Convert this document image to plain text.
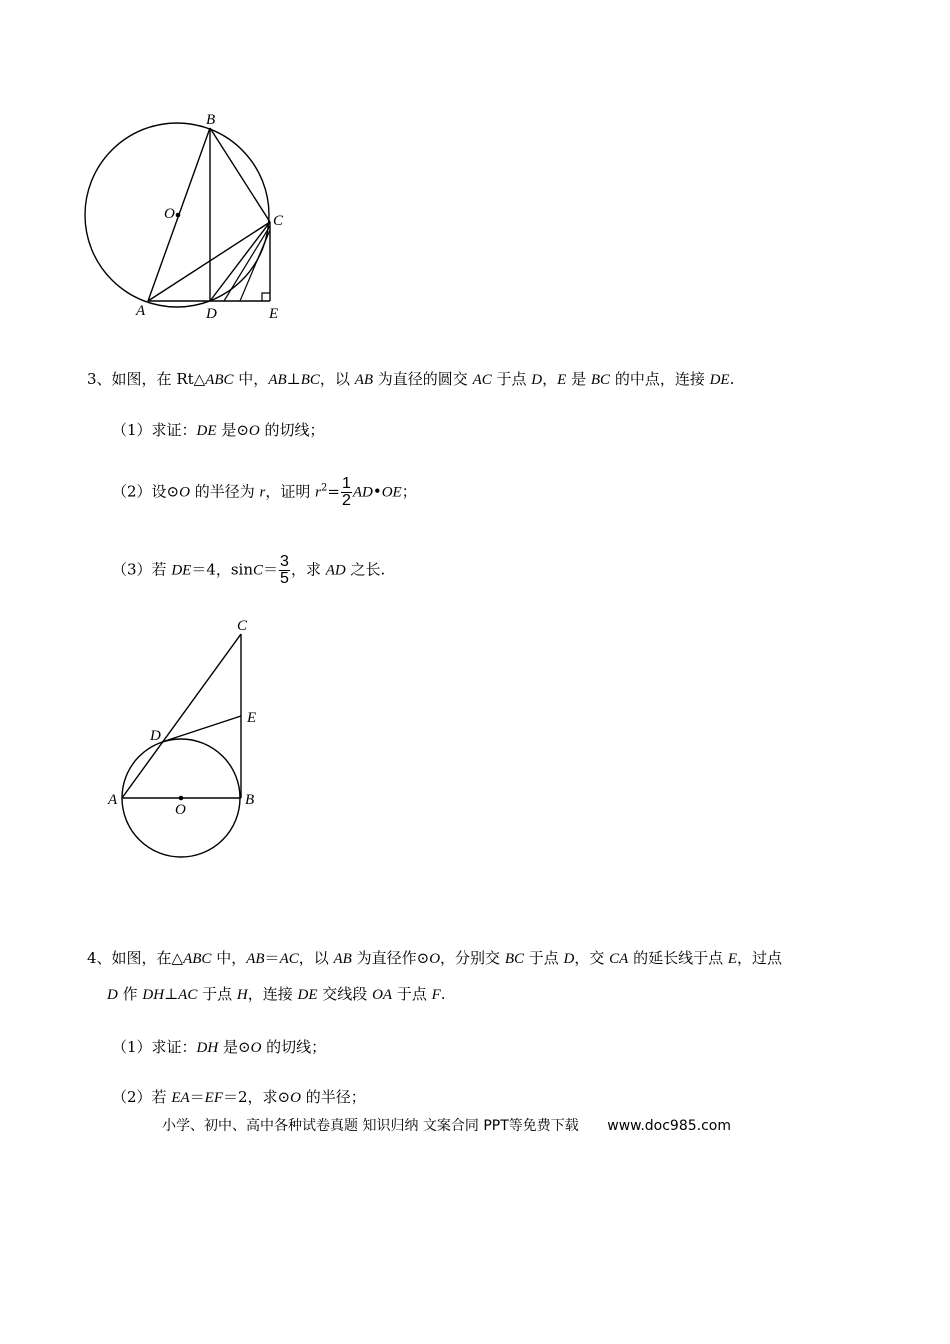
B
O	C
A	D	E
3、如图，在 Rt△ABC 中，AB⊥BC，以 AB 为直径的圆交 AC 于点 D，E 是 BC 的中点，连接 DE.
（1）求证：DE 是⊙O 的切线；
（2）设⊙O 的半径为 r，证明 $r^2= \frac{1}{2}$ AD•OE；
（3）若 DE＝4，$\sin C= \frac{3}{5}$ ，求 AD 之长.
C
E
D
A
O
B
4、如图，在△ABC 中，AB＝AC，以 AB 为直径作⊙O，分别交 BC 于点 D，交 CA 的延长线于点 E，过点
D 作 DH⊥AC 于点 H，连接 DE 交线段 OA 于点 F.
（1）求证：DH 是⊙O 的切线；
（2）若 EA＝EF＝2，求⊙O 的半径；
小学、初中、高中各种试卷真题 知识归纳 文案合同 PPT等免费下载 www.doc985.com
